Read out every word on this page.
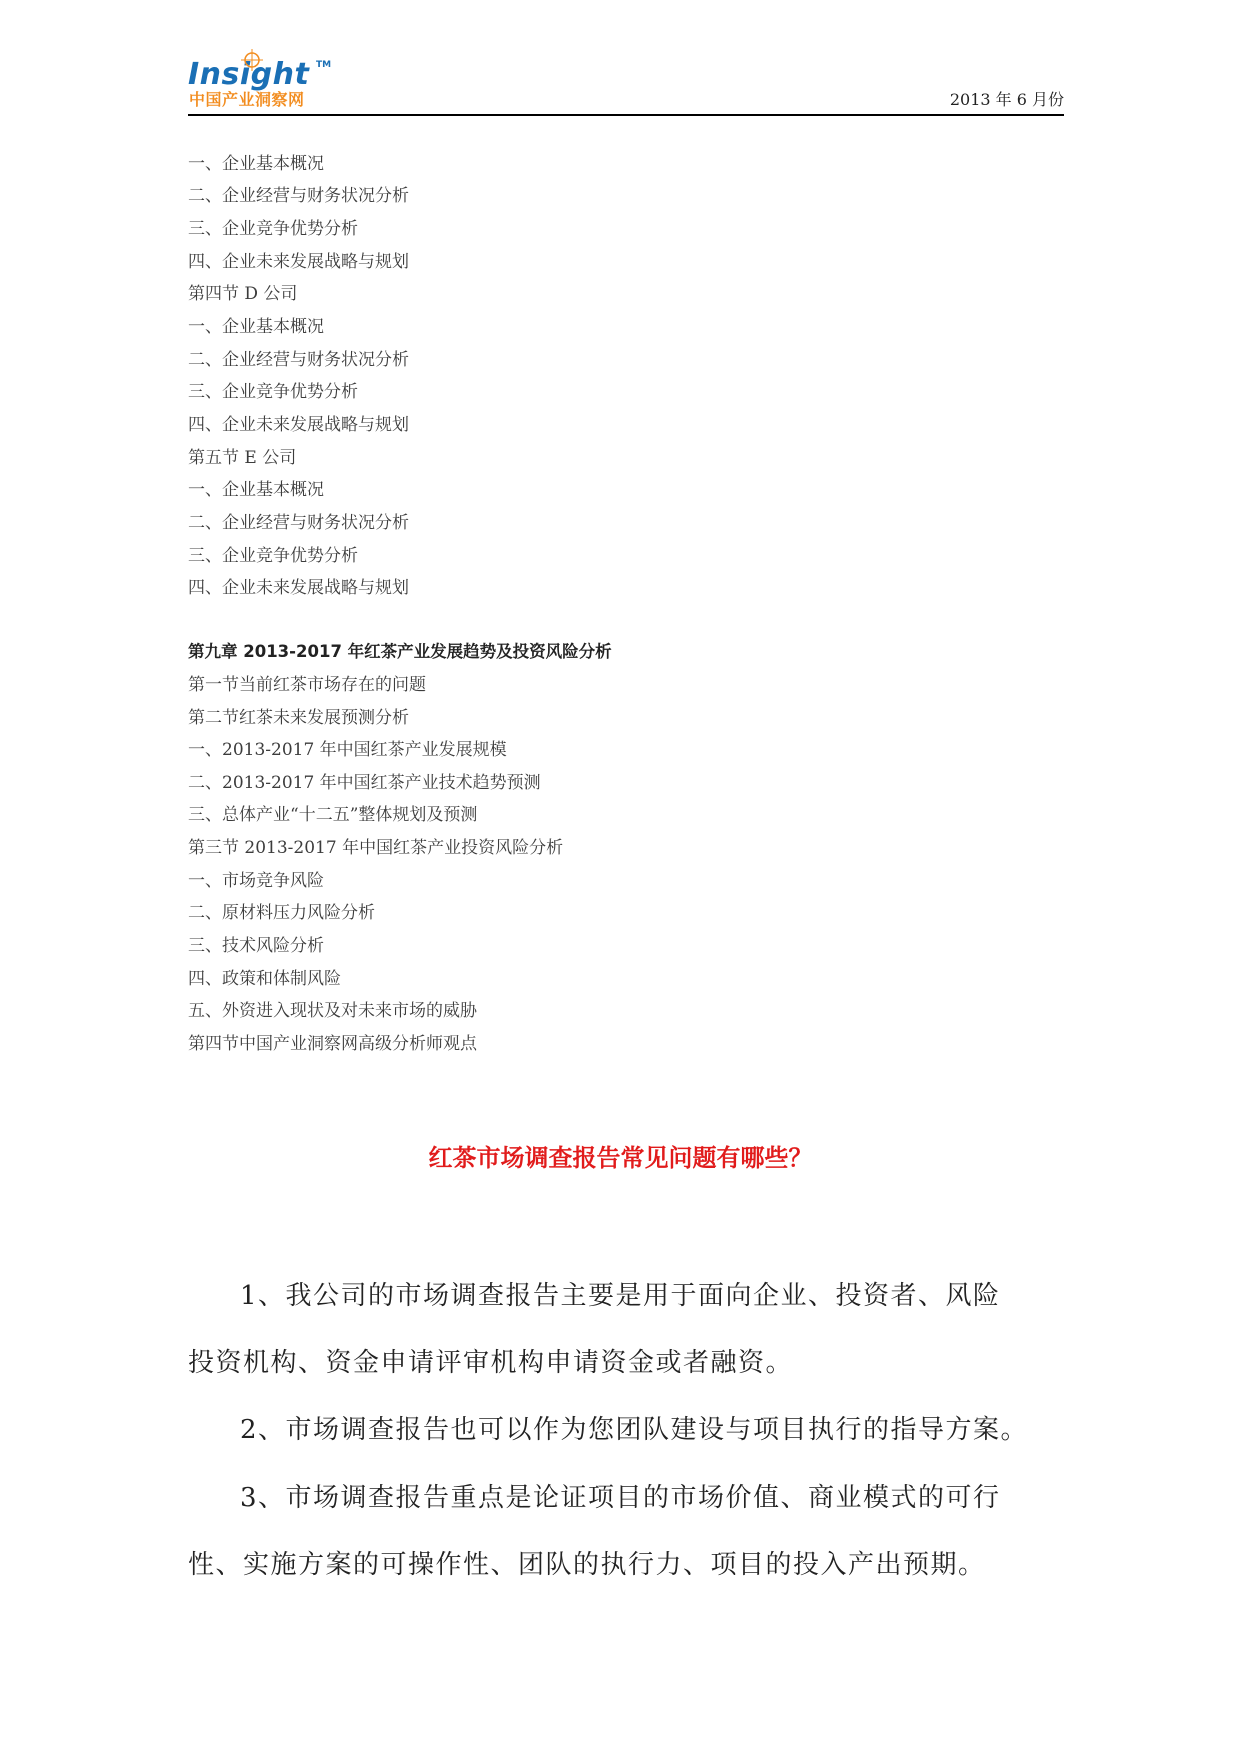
Insight TM
中国产业洞察网	2013 年 6 月份
一、企业基本概况
二、企业经营与财务状况分析
三、企业竞争优势分析
四、企业未来发展战略与规划
第四节 D 公司
一、企业基本概况
二、企业经营与财务状况分析
三、企业竞争优势分析
四、企业未来发展战略与规划
第五节 E 公司
一、企业基本概况
二、企业经营与财务状况分析
三、企业竞争优势分析
四、企业未来发展战略与规划
第九章 2013-2017 年红茶产业发展趋势及投资风险分析
第一节当前红茶市场存在的问题
第二节红茶未来发展预测分析
一、2013-2017 年中国红茶产业发展规模
二、2013-2017 年中国红茶产业技术趋势预测
三、总体产业“十二五”整体规划及预测
第三节 2013-2017 年中国红茶产业投资风险分析
一、市场竞争风险
二、原材料压力风险分析
三、技术风险分析
四、政策和体制风险
五、外资进入现状及对未来市场的威胁
第四节中国产业洞察网高级分析师观点
红茶市场调查报告常见问题有哪些？
1、我公司的市场调查报告主要是用于面向企业、投资者、风险
投资机构、资金申请评审机构申请资金或者融资。
2、市场调查报告也可以作为您团队建设与项目执行的指导方案。
3、市场调查报告重点是论证项目的市场价值、商业模式的可行
性、实施方案的可操作性、团队的执行力、项目的投入产出预期。
